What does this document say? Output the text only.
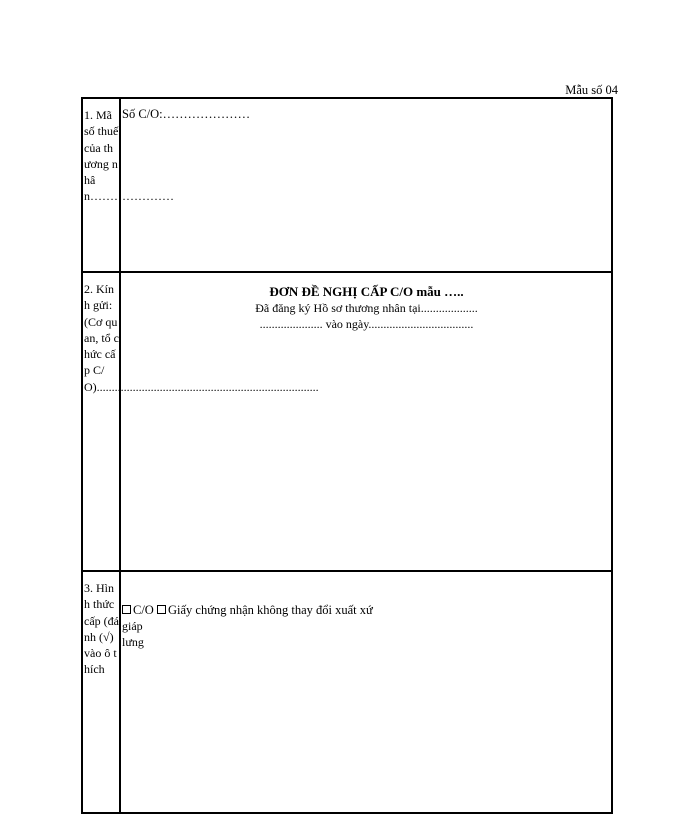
Mẫu số 04
1. Mã số thuế của thương nhân…………………
Số C/O:…………………
2. Kính gửi: (Cơ quan, tổ chức cấp C/O)..........................................................................
ĐƠN ĐỀ NGHỊ CẤP C/O mẫu …..
Đã đăng ký Hồ sơ thương nhân tại...................
..................... vào ngày...................................
3. Hình thức cấp (đánh (√) vào ô thích
C/O Giấy chứng nhận không thay đổi xuất xứ
giáp lưng
